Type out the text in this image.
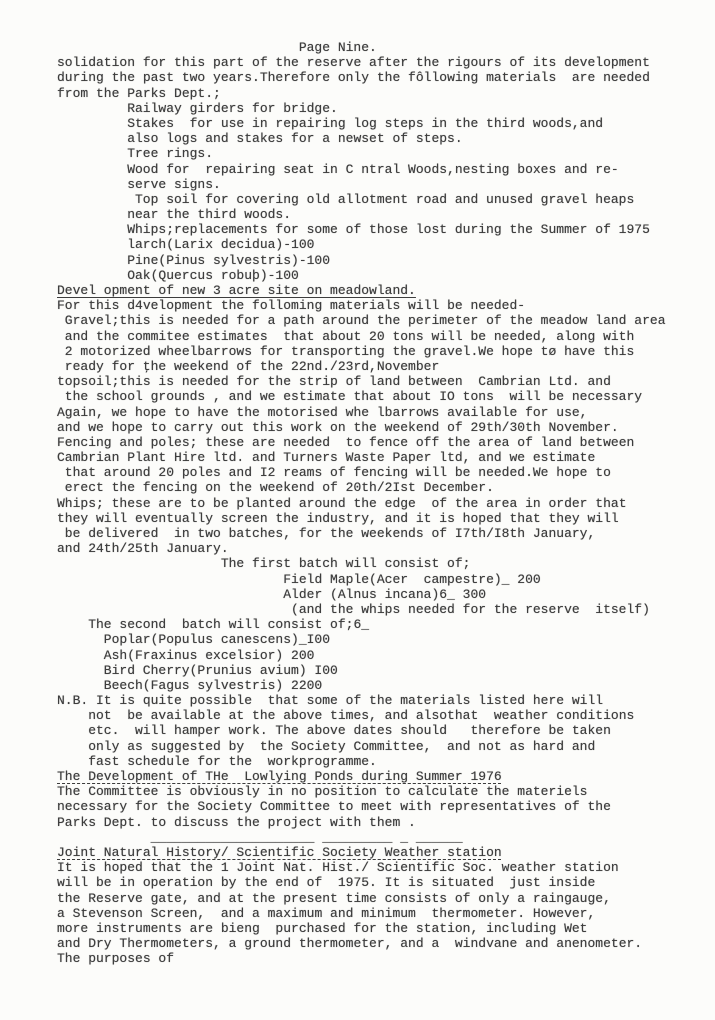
Page Nine.
solidation for this part of the reserve after the rigours of its development
during the past two years.Therefore only the fôllowing materials  are needed
from the Parks Dept.;
Railway girders for bridge.
Stakes  for use in repairing log steps in the third woods,and
also logs and stakes for a newset of steps.
Tree rings.
Wood for  repairing seat in C ntral Woods,nesting boxes and re-
serve signs.
Top soil for covering old allotment road and unused gravel heaps
near the third woods.
Whips;replacements for some of those lost during the Summer of 1975
larch(Larix decidua)-100
Pine(Pinus sylvestris)-100
Oak(Quercus robuþ)-100
Devel opment of new 3 acre site on meadowland.
For this d4velopment the folloming materials will be needed-
Gravel;this is needed for a path around the perimeter of the meadow land area
and the commitee estimates  that about 20 tons will be needed, along with
2 motorized wheelbarrows for transporting the gravel.We hope tø have this
ready for ţhe weekend of the 22nd./23rd,November
topsoil;this is needed for the strip of land between  Cambrian Ltd. and
the school grounds , and we estimate that about IO tons  will be necessary
Again, we hope to have the motorised whe lbarrows available for use,
and we hope to carry out this work on the weekend of 29th/30th November.
Fencing and poles; these are needed  to fence off the area of land between
Cambrian Plant Hire ltd. and Turners Waste Paper ltd, and we estimate
that around 20 poles and I2 reams of fencing will be needed.We hope to
erect the fencing on the weekend of 20th/2Ist December.
Whips; these are to be planted around the edge  of the area in order that
they will eventually screen the industry, and it is hoped that they will
be delivered  in two batches, for the weekends of I7th/I8th January,
and 24th/25th January.
The first batch will consist of;
Field Maple(Acer  campestre)_ 200
Alder (Alnus incana)6_ 300
(and the whips needed for the reserve  itself)
The second  batch will consist of;6_
Poplar(Populus canescens)_I00
Ash(Fraxinus excelsior) 200
Bird Cherry(Prunius avium) I00
Beech(Fagus sylvestris) 2200
N.B. It is quite possible  that some of the materials listed here will
not  be available at the above times, and alsothat  weather conditions
etc.  will hamper work. The above dates should   therefore be taken
only as suggested by  the Society Committee,  and not as hard and
fast schedule for the  workprogramme.
The Development of THe  Lowlying Ponds during Summer 1976
The Committee is obviously in no position to calculate the materiels
necessary for the Society Committee to meet with representatives of the
Parks Dept. to discuss the project with them .
_____________________ _________ _ ______
Joint Natural History/ Scientific Society Weather station
It is hoped that the 1 Joint Nat. Hist./ Scientific Soc. weather station
will be in operation by the end of  1975. It is situated  just inside
the Reserve gate, and at the present time consists of only a raingauge,
a Stevenson Screen,  and a maximum and minimum  thermometer. However,
more instruments are bieng  purchased for the station, including Wet
and Dry Thermometers, a ground thermometer, and a  windvane and anenometer.
The purposes of
